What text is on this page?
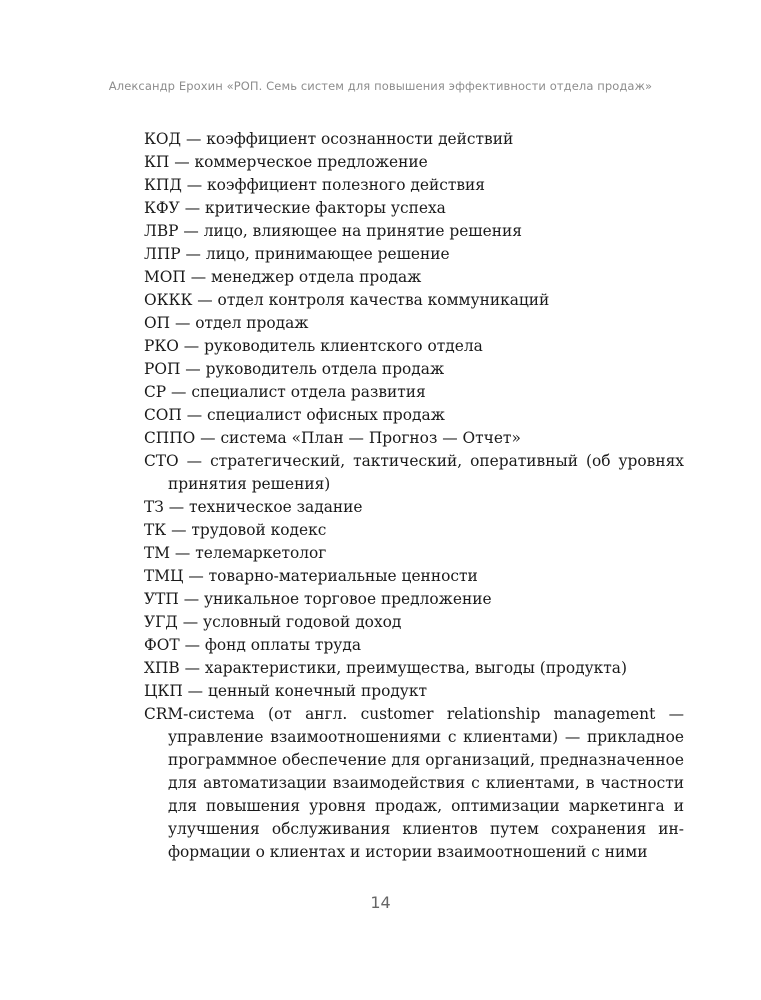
Александр Ерохин «РОП. Семь систем для повышения эффективности отдела продаж»
КОД — коэффициент осознанности действий
КП — коммерческое предложение
КПД — коэффициент полезного действия
КФУ — критические факторы успеха
ЛВР — лицо, влияющее на принятие решения
ЛПР — лицо, принимающее решение
МОП — менеджер отдела продаж
ОККК — отдел контроля качества коммуникаций
ОП — отдел продаж
РКО — руководитель клиентского отдела
РОП — руководитель отдела продаж
СР — специалист отдела развития
СОП — специалист офисных продаж
СППО — система «План — Прогноз — Отчет»
СТО — стратегический, тактический, оперативный (об уровнях принятия решения)
ТЗ — техническое задание
ТК — трудовой кодекс
ТМ — телемаркетолог
ТМЦ — товарно-материальные ценности
УТП — уникальное торговое предложение
УГД — условный годовой доход
ФОТ — фонд оплаты труда
ХПВ — характеристики, преимущества, выгоды (продукта)
ЦКП — ценный конечный продукт
CRM-система (от англ. customer relationship management — управление взаимоотношениями с клиентами) — прикладное программное обеспечение для организаций, предназначенное для автоматизации взаимодействия с клиентами, в частности для повышения уровня продаж, оптимизации маркетинга и улучшения обслуживания клиентов путем сохранения информации о клиентах и истории взаимоотношений с ними
14
